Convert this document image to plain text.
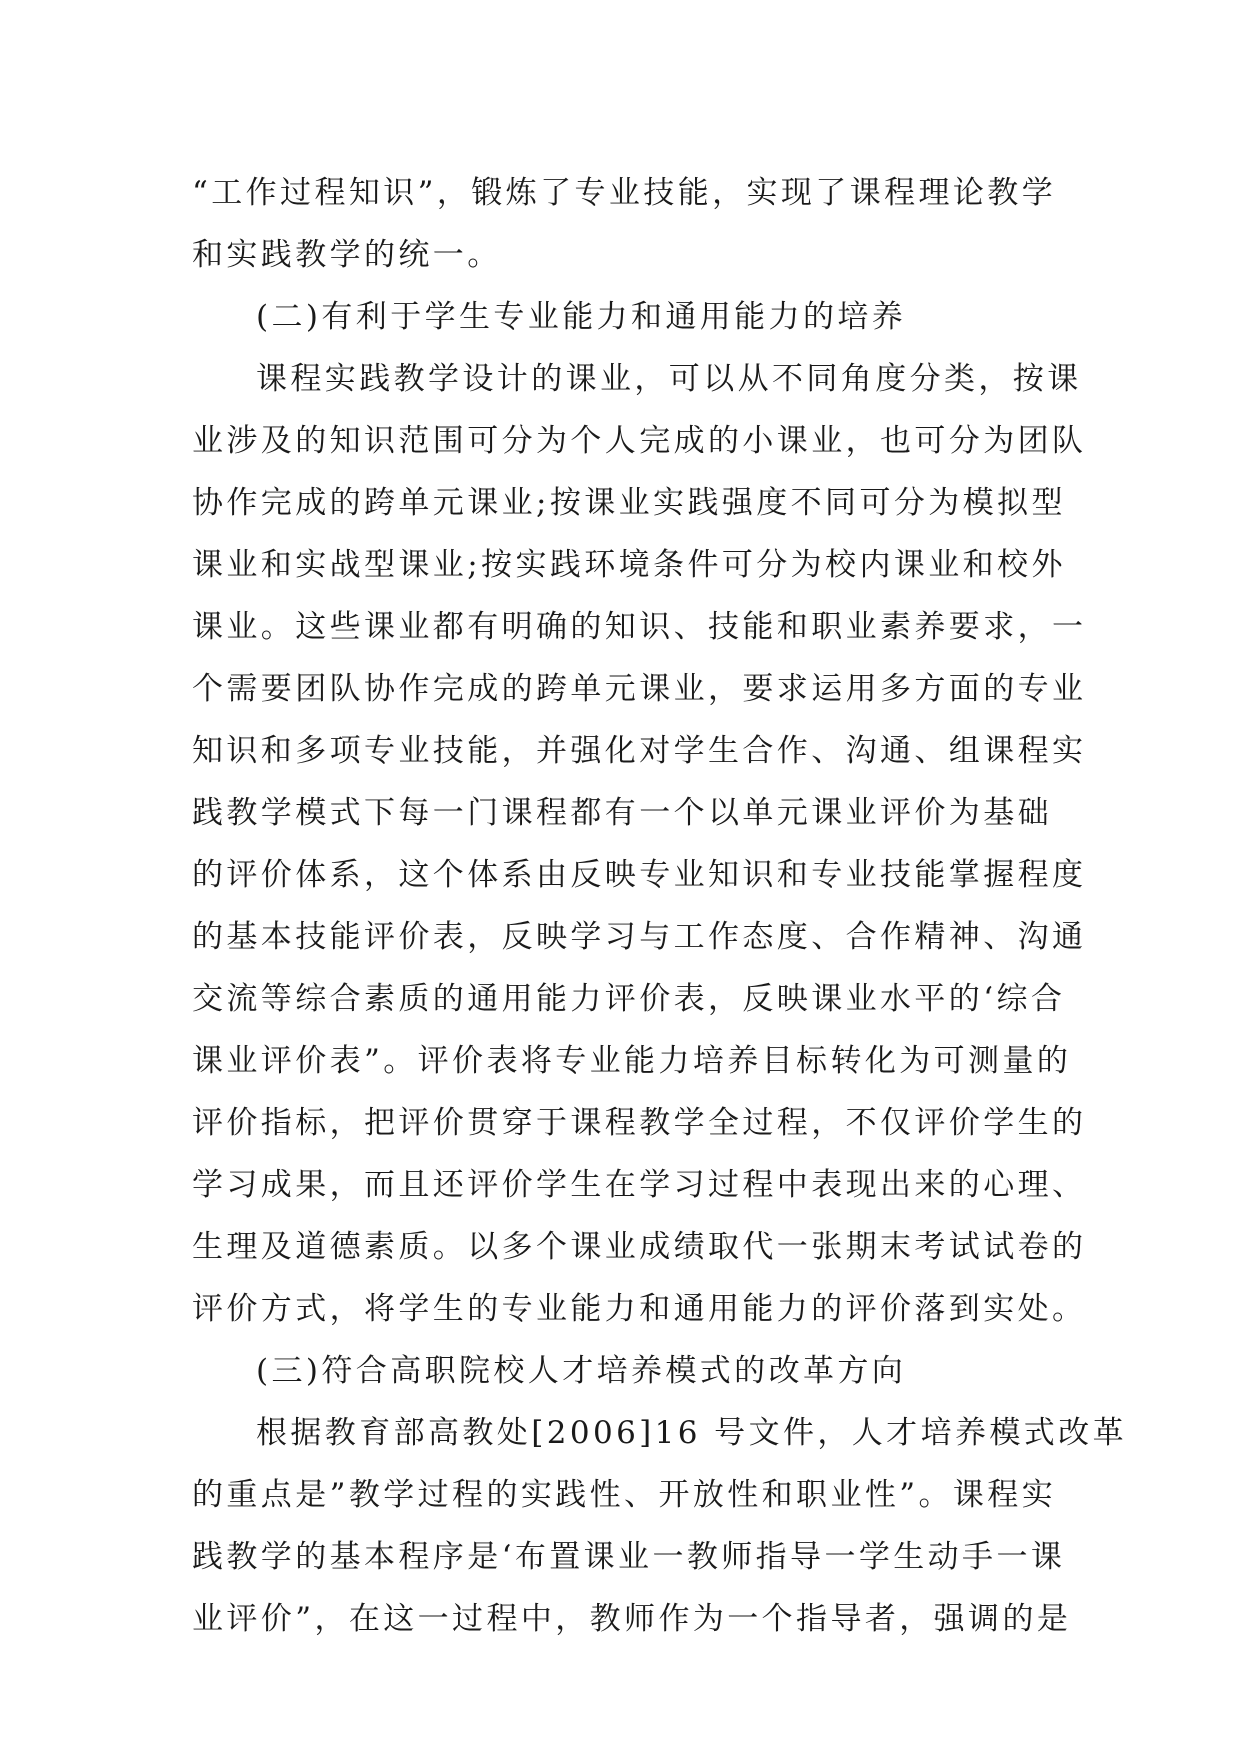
“工作过程知识”，锻炼了专业技能，实现了课程理论教学
和实践教学的统一。
(二)有利于学生专业能力和通用能力的培养
课程实践教学设计的课业，可以从不同角度分类，按课
业涉及的知识范围可分为个人完成的小课业，也可分为团队
协作完成的跨单元课业;按课业实践强度不同可分为模拟型
课业和实战型课业;按实践环境条件可分为校内课业和校外
课业。这些课业都有明确的知识、技能和职业素养要求，一
个需要团队协作完成的跨单元课业，要求运用多方面的专业
知识和多项专业技能，并强化对学生合作、沟通、组课程实
践教学模式下每一门课程都有一个以单元课业评价为基础
的评价体系，这个体系由反映专业知识和专业技能掌握程度
的基本技能评价表，反映学习与工作态度、合作精神、沟通
交流等综合素质的通用能力评价表，反映课业水平的‘综合
课业评价表”。评价表将专业能力培养目标转化为可测量的
评价指标，把评价贯穿于课程教学全过程，不仅评价学生的
学习成果，而且还评价学生在学习过程中表现出来的心理、
生理及道德素质。以多个课业成绩取代一张期末考试试卷的
评价方式，将学生的专业能力和通用能力的评价落到实处。
(三)符合高职院校人才培养模式的改革方向
根据教育部高教处[2006]16 号文件，人才培养模式改革
的重点是”教学过程的实践性、开放性和职业性”。课程实
践教学的基本程序是‘布置课业一教师指导一学生动手一课
业评价”，在这一过程中，教师作为一个指导者，强调的是
